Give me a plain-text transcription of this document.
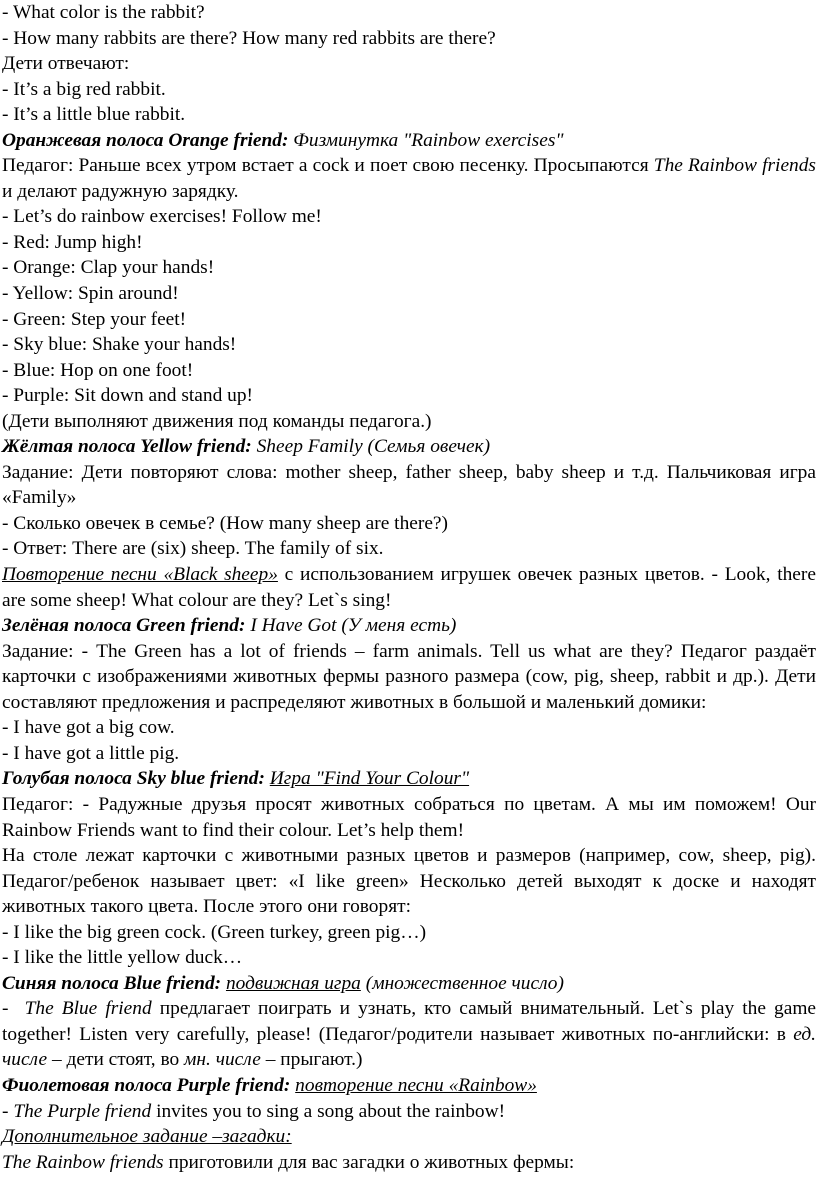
- What color is the rabbit?
- How many rabbits are there? How many red rabbits are there?
Дети отвечают:
- It’s a big red rabbit.
- It’s a little blue rabbit.
Оранжевая полоса Orange friend: Физминутка "Rainbow exercises"
Педагог: Раньше всех утром встает a cock и поет свою песенку. Просыпаются The Rainbow friends и делают радужную зарядку.
- Let’s do rainbow exercises! Follow me!
- Red: Jump high!
- Orange: Clap your hands!
- Yellow: Spin around!
- Green: Step your feet!
- Sky blue: Shake your hands!
- Blue: Hop on one foot!
- Purple: Sit down and stand up!
(Дети выполняют движения под команды педагога.)
Жёлтая полоса Yellow friend: Sheep Family (Семья овечек)
Задание: Дети повторяют слова: mother sheep, father sheep, baby sheep и т.д. Пальчиковая игра «Family»
- Сколько овечек в семье? (How many sheep are there?)
- Ответ: There are (six) sheep. The family of six.
Повторение песни «Black sheep» с использованием игрушек овечек разных цветов. - Look, there are some sheep! What colour are they? Let`s sing!
Зелёная полоса Green friend: I Have Got (У меня есть)
Задание: - The Green has a lot of friends – farm animals. Tell us what are they? Педагог раздаёт карточки с изображениями животных фермы разного размера (cow, pig, sheep, rabbit и др.). Дети составляют предложения и распределяют животных в большой и маленький домики:
- I have got a big cow.
- I have got a little pig.
Голубая полоса Sky blue friend: Игра "Find Your Colour"
Педагог: - Радужные друзья просят животных собраться по цветам. А мы им поможем! Our Rainbow Friends want to find their colour. Let’s help them!
На столе лежат карточки с животными разных цветов и размеров (например, cow, sheep, pig). Педагог/ребенок называет цвет: «I like green» Несколько детей выходят к доске и находят животных такого цвета. После этого они говорят:
- I like the big green cock. (Green turkey, green pig…)
- I like the little yellow duck…
Синяя полоса Blue friend: подвижная игра (множественное число)
- The Blue friend предлагает поиграть и узнать, кто самый внимательный. Let`s play the game together! Listen very carefully, please! (Педагог/родители называет животных по-английски: в ед. числе – дети стоят, во мн. числе – прыгают.)
Фиолетовая полоса Purple friend: повторение песни «Rainbow»
- The Purple friend invites you to sing a song about the rainbow!
Дополнительное задание –загадки:
The Rainbow friends приготовили для вас загадки о животных фермы:
